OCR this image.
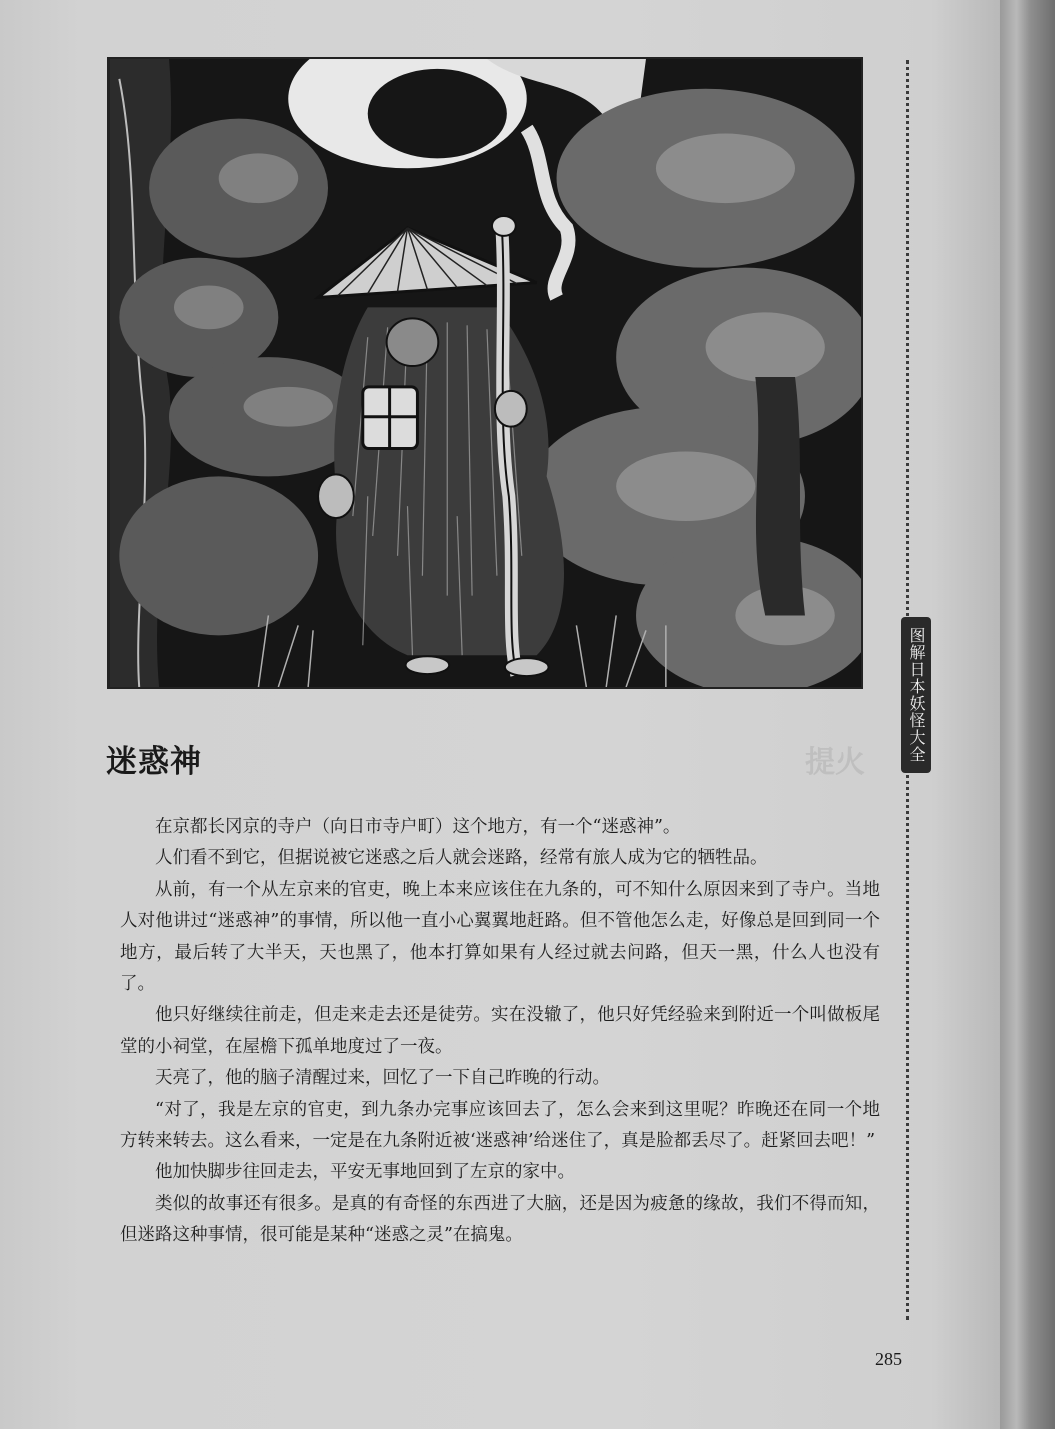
图解日本妖怪大全
提火
迷惑神

在京都长冈京的寺户（向日市寺户町）这个地方，有一个“迷惑神”。

人们看不到它，但据说被它迷惑之后人就会迷路，经常有旅人成为它的牺牲品。

从前，有一个从左京来的官吏，晚上本来应该住在九条的，可不知什么原因来到了寺户。当地人对他讲过“迷惑神”的事情，所以他一直小心翼翼地赶路。但不管他怎么走，好像总是回到同一个地方，最后转了大半天，天也黑了，他本打算如果有人经过就去问路，但天一黑，什么人也没有了。

他只好继续往前走，但走来走去还是徒劳。实在没辙了，他只好凭经验来到附近一个叫做板尾堂的小祠堂，在屋檐下孤单地度过了一夜。

天亮了，他的脑子清醒过来，回忆了一下自己昨晚的行动。

“对了，我是左京的官吏，到九条办完事应该回去了，怎么会来到这里呢？昨晚还在同一个地方转来转去。这么看来，一定是在九条附近被‘迷惑神’给迷住了，真是脸都丢尽了。赶紧回去吧！”

他加快脚步往回走去，平安无事地回到了左京的家中。

类似的故事还有很多。是真的有奇怪的东西进了大脑，还是因为疲惫的缘故，我们不得而知，但迷路这种事情，很可能是某种“迷惑之灵”在搞鬼。

285
